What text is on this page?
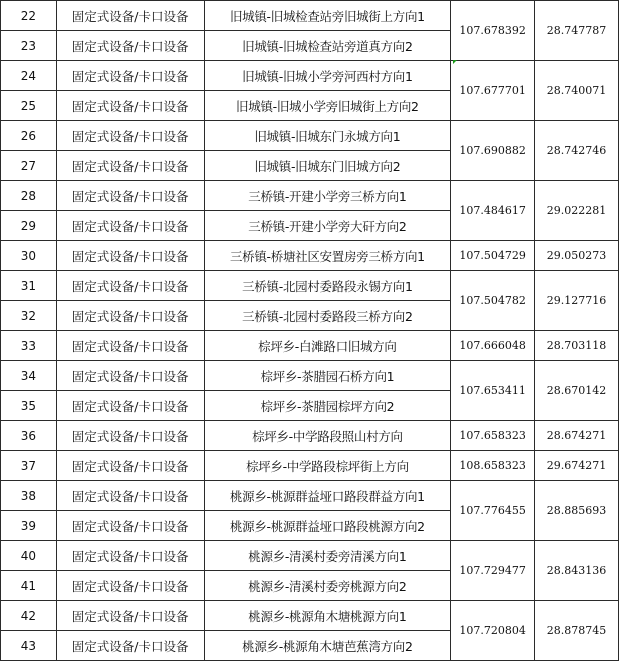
22	固定式设备/卡口设备	旧城镇-旧城检查站旁旧城街上方向1	107.678392	28.747787
23	固定式设备/卡口设备	旧城镇-旧城检查站旁道真方向2		
24	固定式设备/卡口设备	旧城镇-旧城小学旁河西村方向1	107.677701	28.740071
25	固定式设备/卡口设备	旧城镇-旧城小学旁旧城街上方向2		
26	固定式设备/卡口设备	旧城镇-旧城东门永城方向1	107.690882	28.742746
27	固定式设备/卡口设备	旧城镇-旧城东门旧城方向2		
28	固定式设备/卡口设备	三桥镇-开建小学旁三桥方向1	107.484617	29.022281
29	固定式设备/卡口设备	三桥镇-开建小学旁大矸方向2		
30	固定式设备/卡口设备	三桥镇-桥塘社区安置房旁三桥方向1	107.504729	29.050273
31	固定式设备/卡口设备	三桥镇-北园村委路段永锡方向1	107.504782	29.127716
32	固定式设备/卡口设备	三桥镇-北园村委路段三桥方向2		
33	固定式设备/卡口设备	棕坪乡-白滩路口旧城方向	107.666048	28.703118
34	固定式设备/卡口设备	棕坪乡-茶腊园石桥方向1	107.653411	28.670142
35	固定式设备/卡口设备	棕坪乡-茶腊园棕坪方向2		
36	固定式设备/卡口设备	棕坪乡-中学路段照山村方向	107.658323	28.674271
37	固定式设备/卡口设备	棕坪乡-中学路段棕坪街上方向	108.658323	29.674271
38	固定式设备/卡口设备	桃源乡-桃源群益垭口路段群益方向1	107.776455	28.885693
39	固定式设备/卡口设备	桃源乡-桃源群益垭口路段桃源方向2		
40	固定式设备/卡口设备	桃源乡-清溪村委旁清溪方向1	107.729477	28.843136
41	固定式设备/卡口设备	桃源乡-清溪村委旁桃源方向2		
42	固定式设备/卡口设备	桃源乡-桃源角木塘桃源方向1	107.720804	28.878745
43	固定式设备/卡口设备	桃源乡-桃源角木塘芭蕉湾方向2		
